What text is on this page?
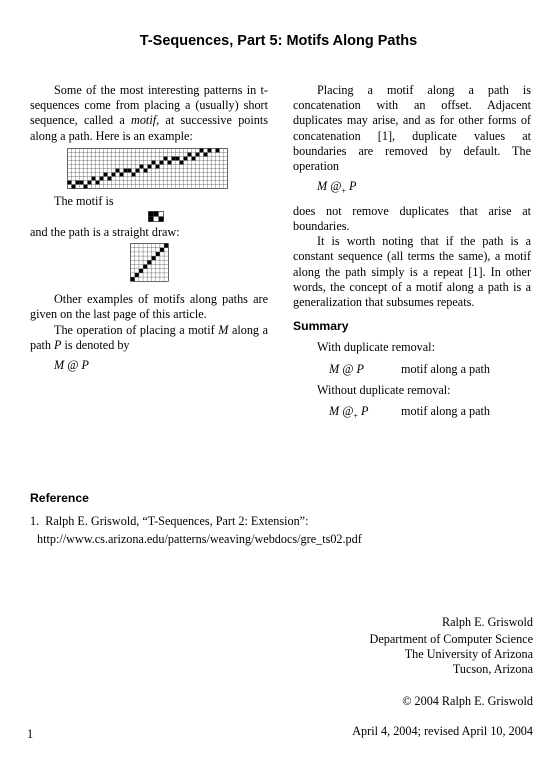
T-Sequences, Part 5: Motifs Along Paths

Some of the most interesting patterns in t-sequences come from placing a (usually) short sequence, called a motif, at successive points along a path. Here is an example:

The motif is

and the path is a straight draw:

Other examples of motifs along paths are given on the last page of this article.

The operation of placing a motif M along a path P is denoted by

M @ P

Placing a motif along a path is concatenation with an offset. Adjacent duplicates may arise, and as for other forms of concatenation [1], duplicate values at boundaries are removed by default. The operation

M $@_+$ P

does not remove duplicates that arise at boundaries.

It is worth noting that if the path is a constant sequence (all terms the same), a motif along the path simply is a repeat [1]. In other words, the concept of a motif along a path is a generalization that subsumes repeats.

Summary

With duplicate removal:

M @ P	motif along a path

Without duplicate removal:

M $@_+$ P	motif along a path
Reference
1. Ralph E. Griswold, “T-Sequences, Part 2: Extension”:
http://www.cs.arizona.edu/patterns/weaving/webdocs/gre_ts02.pdf
Ralph E. Griswold
Department of Computer Science
The University of Arizona
Tucson, Arizona
© 2004 Ralph E. Griswold
1	April 4, 2004; revised April 10, 2004
